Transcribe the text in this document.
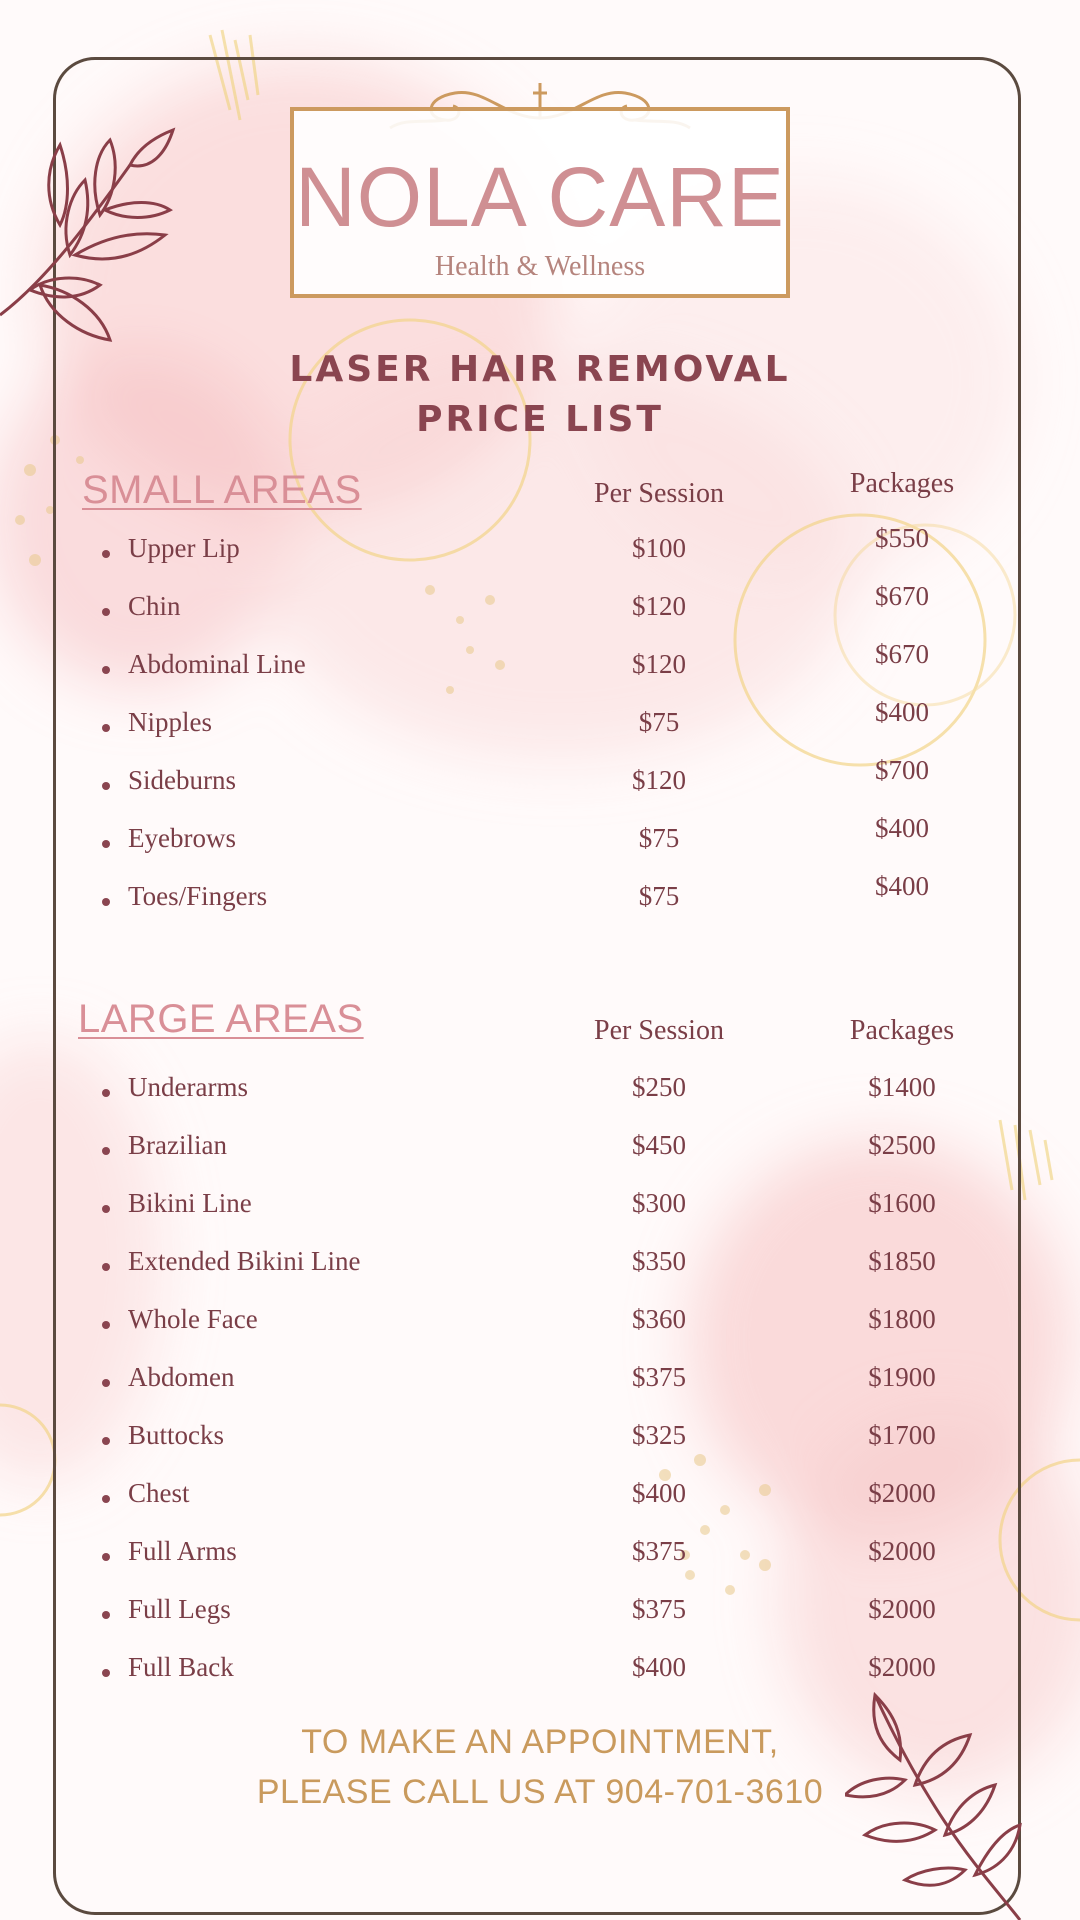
NOLA CARE
Health & Wellness
LASER HAIR REMOVAL
PRICE LIST
SMALL AREAS	Per Session	Packages
Upper Lip	$100	$550
Chin	$120	$670
Abdominal Line	$120	$670
Nipples	$75	$400
Sideburns	$120	$700
Eyebrows	$75	$400
Toes/Fingers	$75	$400
LARGE AREAS	Per Session	Packages
Underarms	$250	$1400
Brazilian	$450	$2500
Bikini Line	$300	$1600
Extended Bikini Line	$350	$1850
Whole Face	$360	$1800
Abdomen	$375	$1900
Buttocks	$325	$1700
Chest	$400	$2000
Full Arms	$375	$2000
Full Legs	$375	$2000
Full Back	$400	$2000
TO MAKE AN APPOINTMENT,
PLEASE CALL US AT 904-701-3610
